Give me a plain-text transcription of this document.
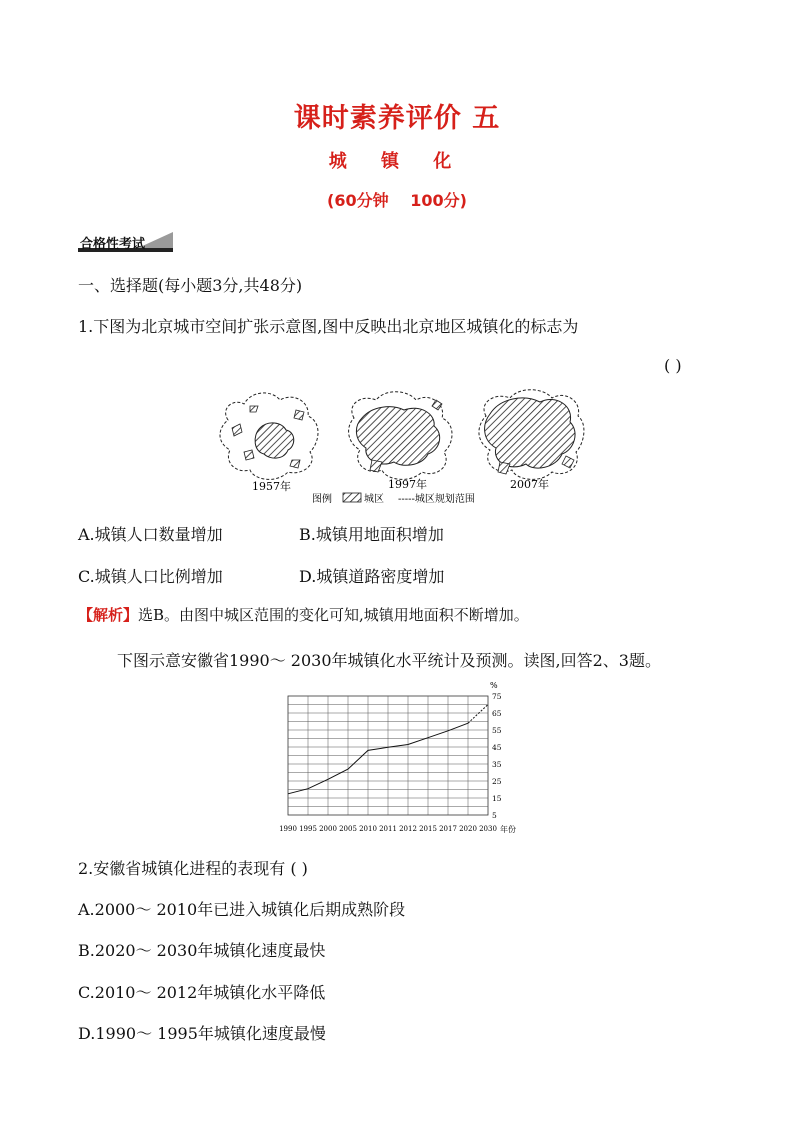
课时素养评价 五
城 镇 化
(60分钟 100分)
合格性考试
一、选择题(每小题3分,共48分)
1.下图为北京城市空间扩张示意图,图中反映出北京地区城镇化的标志为
( )
1957年	1997年	2007年
图例	城区 -----城区规划范围
A.城镇人口数量增加	B.城镇用地面积增加
C.城镇人口比例增加	D.城镇道路密度增加
【解析】选B。由图中城区范围的变化可知,城镇用地面积不断增加。
下图示意安徽省1990～ 2030年城镇化水平统计及预测。读图,回答2、3题。
5
15
25
35
45
55
65
75
1990 1995 2000 2005 2010 2011 2012 2015 2017 2020 2030
%
年份
2.安徽省城镇化进程的表现有 ( )
A.2000～ 2010年已进入城镇化后期成熟阶段
B.2020～ 2030年城镇化速度最快
C.2010～ 2012年城镇化水平降低
D.1990～ 1995年城镇化速度最慢
